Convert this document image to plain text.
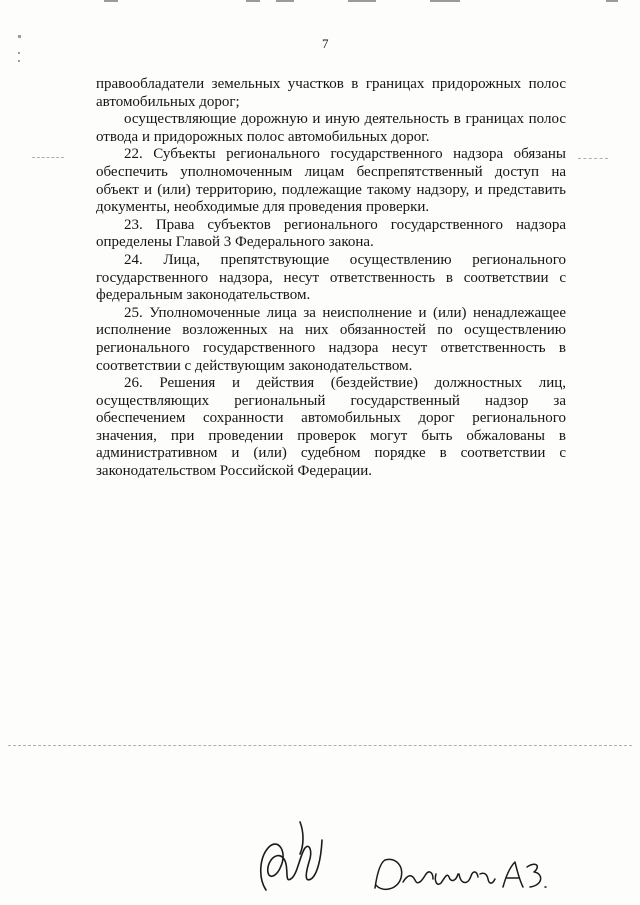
7

правообладатели земельных участков в границах придорожных полос автомобильных дорог;

осуществляющие дорожную и иную деятельность в границах полос отвода и придорожных полос автомобильных дорог.

22. Субъекты регионального государственного надзора обязаны обеспечить уполномоченным лицам беспрепятственный доступ на объект и (или) территорию, подлежащие такому надзору, и представить документы, необходимые для проведения проверки.

23. Права субъектов регионального государственного надзора определены Главой 3 Федерального закона.

24. Лица, препятствующие осуществлению регионального государственного надзора, несут ответственность в соответствии с федеральным законодательством.

25. Уполномоченные лица за неисполнение и (или) ненадлежащее исполнение возложенных на них обязанностей по осуществлению регионального государственного надзора несут ответственность в соответствии с действующим законодательством.

26. Решения и действия (бездействие) должностных лиц, осуществляющих региональный государственный надзор за обеспечением сохранности автомобильных дорог регионального значения, при проведении проверок могут быть обжалованы в административном и (или) судебном порядке в соответствии с законодательством Российской Федерации.
